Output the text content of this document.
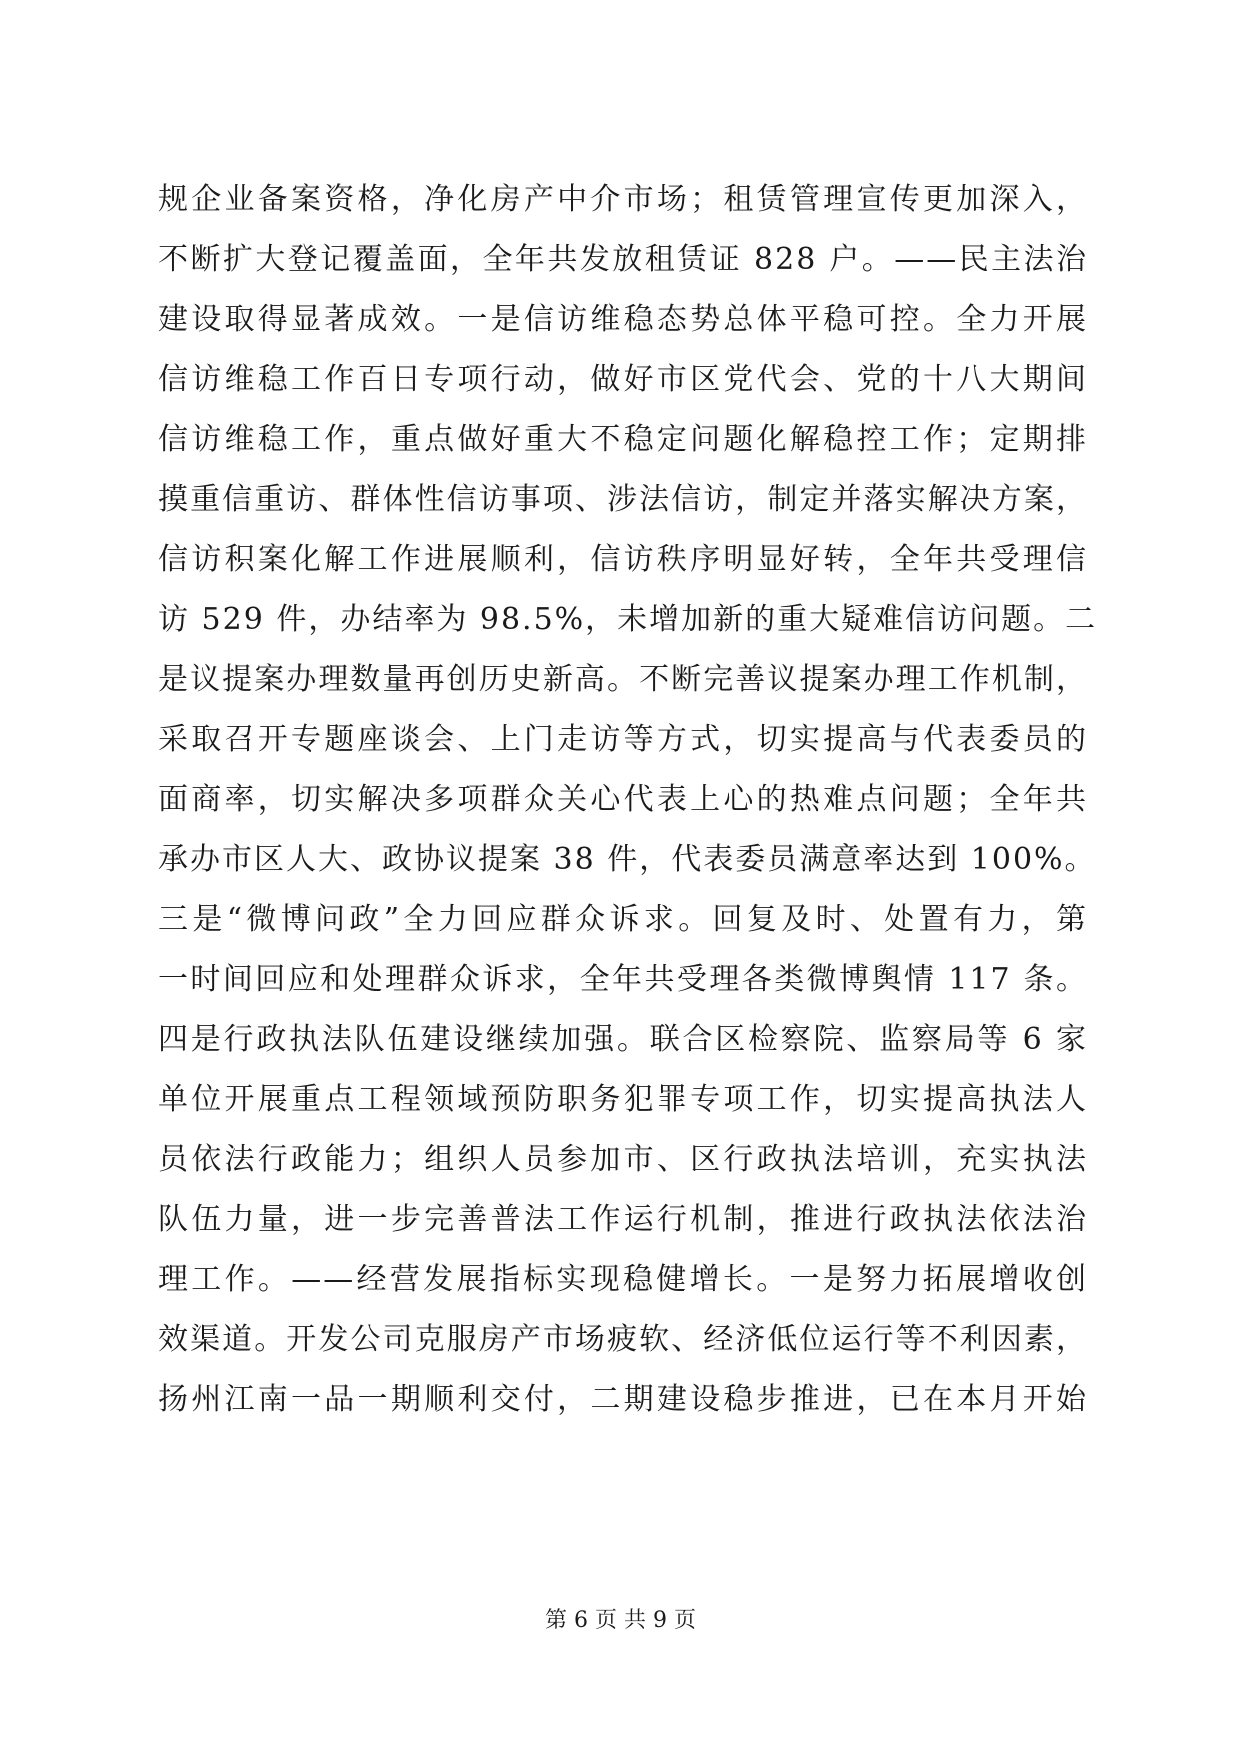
规企业备案资格，净化房产中介市场；租赁管理宣传更加深入，
不断扩大登记覆盖面，全年共发放租赁证 828 户。——民主法治
建设取得显著成效。一是信访维稳态势总体平稳可控。全力开展
信访维稳工作百日专项行动，做好市区党代会、党的十八大期间
信访维稳工作，重点做好重大不稳定问题化解稳控工作；定期排
摸重信重访、群体性信访事项、涉法信访，制定并落实解决方案，
信访积案化解工作进展顺利，信访秩序明显好转，全年共受理信
访 529 件，办结率为 98.5%，未增加新的重大疑难信访问题。二
是议提案办理数量再创历史新高。不断完善议提案办理工作机制，
采取召开专题座谈会、上门走访等方式，切实提高与代表委员的
面商率，切实解决多项群众关心代表上心的热难点问题；全年共
承办市区人大、政协议提案 38 件，代表委员满意率达到 100%。
三是“微博问政”全力回应群众诉求。回复及时、处置有力，第
一时间回应和处理群众诉求，全年共受理各类微博舆情 117 条。
四是行政执法队伍建设继续加强。联合区检察院、监察局等 6 家
单位开展重点工程领域预防职务犯罪专项工作，切实提高执法人
员依法行政能力；组织人员参加市、区行政执法培训，充实执法
队伍力量，进一步完善普法工作运行机制，推进行政执法依法治
理工作。——经营发展指标实现稳健增长。一是努力拓展增收创
效渠道。开发公司克服房产市场疲软、经济低位运行等不利因素，
扬州江南一品一期顺利交付，二期建设稳步推进，已在本月开始
第 6 页 共 9 页
